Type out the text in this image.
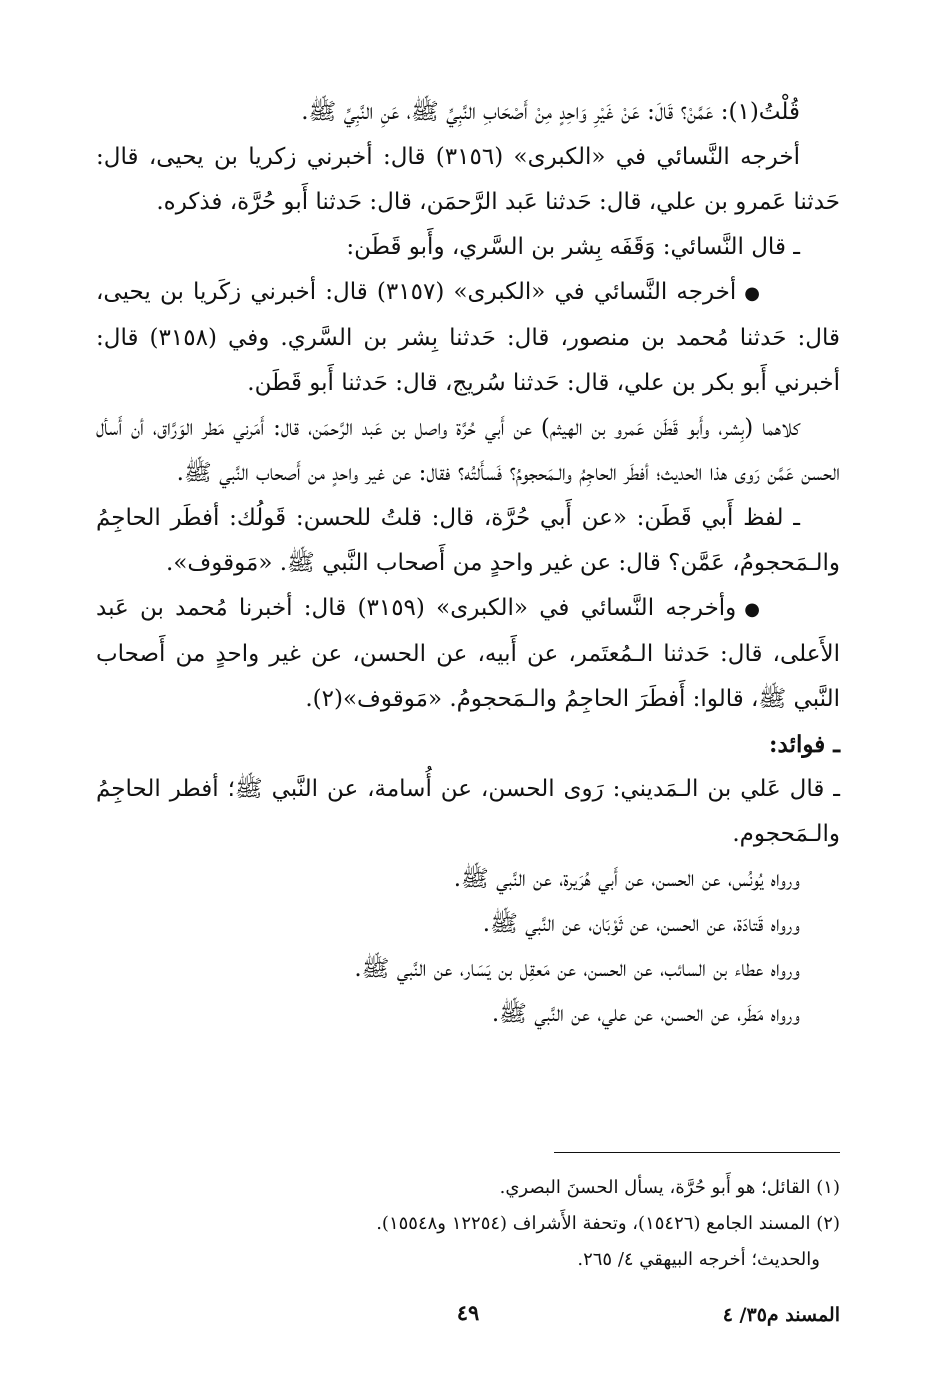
قُلْتُ(١): عَمَّنْ؟ قَالَ: عَنْ غَيْرِ وَاحِدٍ مِنْ أَصْحَابِ النَّبِيِّ ﷺ، عَنِ النَّبِيِّ ﷺ.

أخرجه النَّسائي في «الكبرى» (٣١٥٦) قال: أخبرني زكريا بن يحيى، قال: حَدثنا عَمرو بن علي، قال: حَدثنا عَبد الرَّحمَن، قال: حَدثنا أَبو حُرَّة، فذكره.

ـ قال النَّسائي: وَقَفَه بِشر بن السَّري، وأَبو قَطَن:

●أخرجه النَّسائي في «الكبرى» (٣١٥٧) قال: أخبرني زكَريا بن يحيى، قال: حَدثنا مُحمد بن منصور، قال: حَدثنا بِشر بن السَّري. وفي (٣١٥٨) قال: أخبرني أَبو بكر بن علي، قال: حَدثنا سُريج، قال: حَدثنا أَبو قَطَن.

كلاهما (بِشر، وأَبو قَطَن عَمرو بن الهيثم) عن أَبي حُرَّة واصل بن عَبد الرَّحمَن، قال: أَمَرني مَطر الوَرَّاق، أن أَسأل الحسن عَمَّن رَوى هذا الحديث؛ أفطَر الحاجِمُ والـمَحجومُ؟ فَسأَلتُه؟ فقال: عن غير واحدٍ من أَصحاب النَّبي ﷺ.

ـ لفظ أَبي قَطَن: «عن أَبي حُرَّة، قال: قلتُ للحسن: قَولُك: أفطَر الحاجِمُ والـمَحجومُ، عَمَّن؟ قال: عن غير واحدٍ من أَصحاب النَّبي ﷺ. «مَوقوف».

●وأخرجه النَّسائي في «الكبرى» (٣١٥٩) قال: أخبرنا مُحمد بن عَبد الأَعلى، قال: حَدثنا الـمُعتَمر، عن أَبيه، عن الحسن، عن غير واحدٍ من أَصحاب النَّبي ﷺ، قالوا: أَفطَرَ الحاجِمُ والـمَحجومُ. «مَوقوف»(٢).

ـ فوائد:

ـ قال عَلي بن الـمَديني: رَوى الحسن، عن أُسامة، عن النَّبي ﷺ؛ أفطر الحاجِمُ والـمَحجوم.

ورواه يُونُس، عن الحسن، عن أَبي هُرَيرة، عن النَّبي ﷺ.

ورواه قَتادَة، عن الحسن، عن ثَوْبَان، عن النَّبي ﷺ.

ورواه عطاء بن السائب، عن الحسن، عن مَعقِل بن يَسَار، عن النَّبي ﷺ.

ورواه مَطَر، عن الحسن، عن علي، عن النَّبي ﷺ.

(١) القائل؛ هو أَبو حُرَّة، يسأل الحسنَ البصري.

(٢) المسند الجامع (١٥٤٢٦)، وتحفة الأَشراف (١٢٢٥٤ و١٥٥٤٨).

والحديث؛ أخرجه البيهقي ٤/ ٢٦٥.

المسند م٣٥/ ٤
٤٩
